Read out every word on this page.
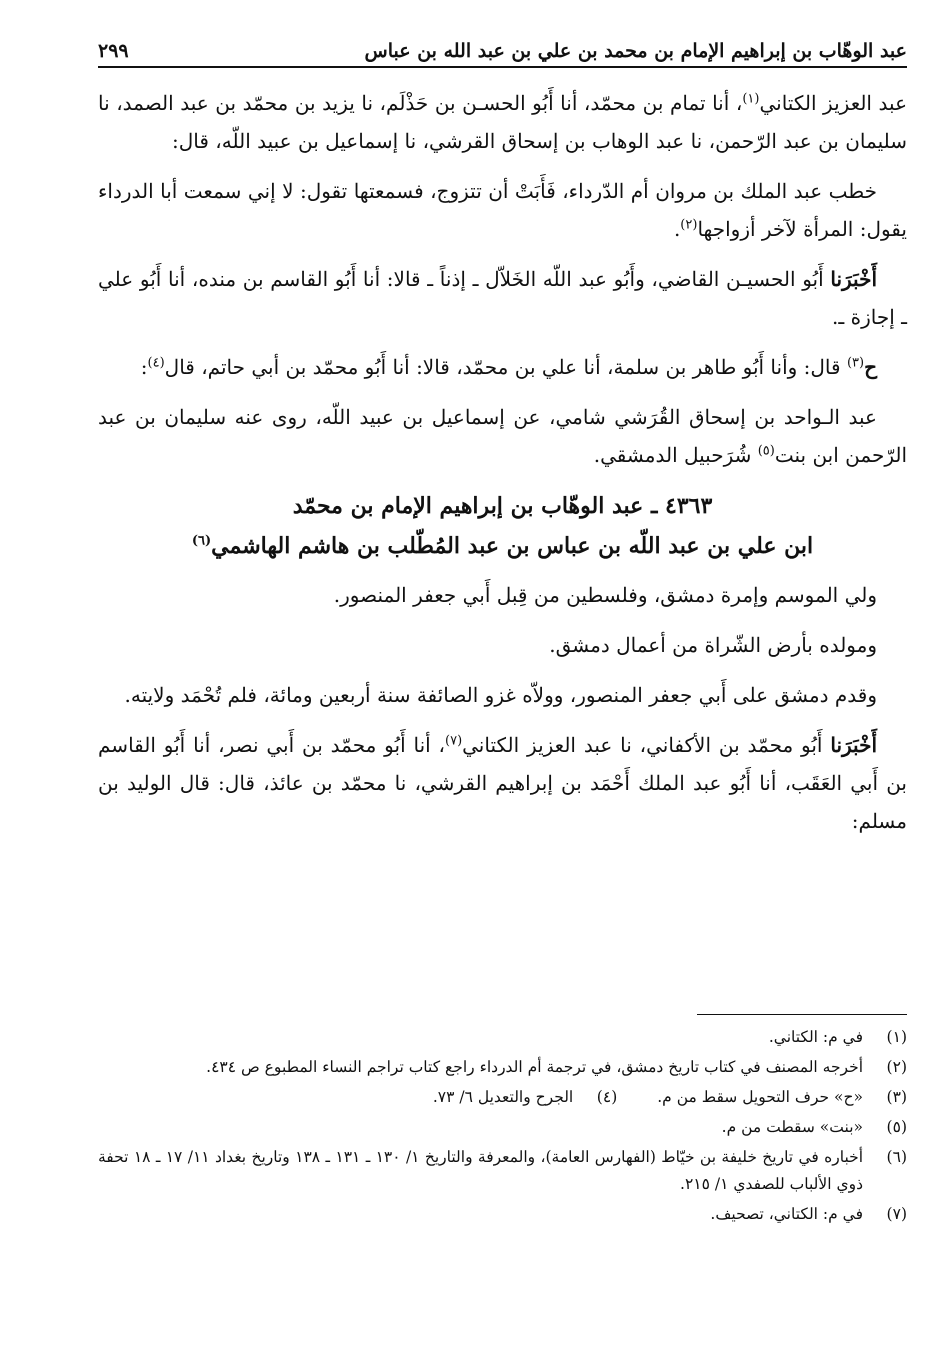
٢٩٩	عبد الوهّاب بن إبراهيم الإمام بن محمد بن علي بن عبد الله بن عباس

عبد العزيز الكتاني$^{(١)}$، أنا تمام بن محمّد، أنا أَبُو الحسـن بن حَذْلَم، نا يزيد بن محمّد بن عبد الصمد، نا سليمان بن عبد الرّحمن، نا عبد الوهاب بن إسحاق القرشي، نا إسماعيل بن عبيد اللّه، قال:

خطب عبد الملك بن مروان أم الدّرداء، فَأَبَتْ أن تتزوج، فسمعتها تقول: لا إني سمعت أبا الدرداء يقول: المرأة لآخر أزواجها$^{(٢)}$.

أَخْبَرَنا أَبُو الحسيـن القاضي، وأَبُو عبد اللّه الخَلاّل ـ إذناً ـ قالا: أنا أَبُو القاسم بن منده، أنا أَبُو علي ـ إجازة ـ.

ح$^{(٣)}$ قال: وأنا أَبُو طاهر بن سلمة، أنا علي بن محمّد، قالا: أنا أَبُو محمّد بن أبي حاتم، قال$^{(٤)}$:

عبد الـواحد بن إسحاق القُرَشي شامي، عن إسماعيل بن عبيد اللّه، روى عنه سليمان بن عبد الرّحمن ابن بنت$^{(٥)}$ شُرَحبيل الدمشقي.

٤٣٦٣ ـ عبد الوهّاب بن إبراهيم الإمام بن محمّد
ابن علي بن عبد اللّه بن عباس بن عبد المُطّلب بن هاشم الهاشمي$^{(٦)}$

ولي الموسم وإمرة دمشق، وفلسطين من قِبل أَبي جعفر المنصور.

ومولده بأرض الشّراة من أعمال دمشق.

وقدم دمشق على أَبي جعفر المنصور، وولاّه غزو الصائفة سنة أربعين ومائة، فلم تُحْمَد ولايته.

أَخْبَرَنا أَبُو محمّد بن الأكفاني، نا عبد العزيز الكتاني$^{(٧)}$، أنا أَبُو محمّد بن أَبي نصر، أنا أَبُو القاسم بن أَبي العَقَب، أنا أَبُو عبد الملك أَحْمَد بن إبراهيم القرشي، نا محمّد بن عائذ، قال: قال الوليد بن مسلم:

(١)
في م: الكتاني.
(٢)
أخرجه المصنف في كتاب تاريخ دمشق، في ترجمة أم الدرداء راجع كتاب تراجم النساء المطبوع ص ٤٣٤.
(٣)
«ح» حرف التحويل سقط من م.
(٤)
الجرح والتعديل ٦/ ٧٣.
(٥)
«بنت» سقطت من م.
(٦)
أخباره في تاريخ خليفة بن خيّاط (الفهارس العامة)، والمعرفة والتاريخ ١/ ١٣٠ ـ ١٣١ ـ ١٣٨ وتاريخ بغداد ١١/ ١٧ ـ ١٨ تحفة ذوي الألباب للصفدي ١/ ٢١٥.
(٧)
في م: الكتاني، تصحيف.
